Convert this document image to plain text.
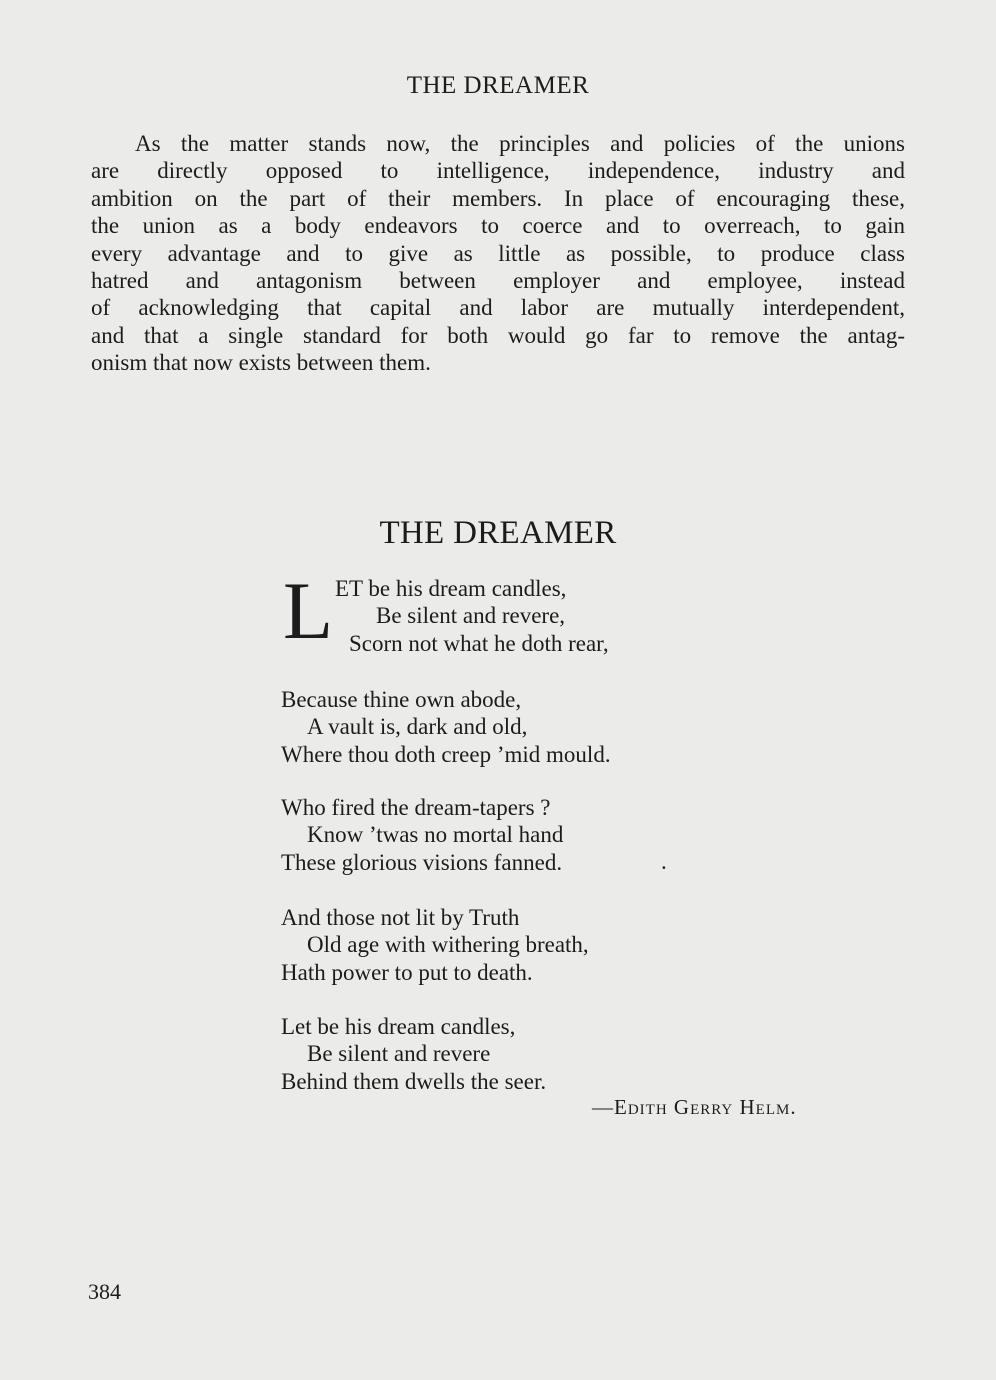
THE DREAMER
As the matter stands now, the principles and policies of the unions
are directly opposed to intelligence, independence, industry and
ambition on the part of their members. In place of encouraging these,
the union as a body endeavors to coerce and to overreach, to gain
every advantage and to give as little as possible, to produce class
hatred and antagonism between employer and employee, instead
of acknowledging that capital and labor are mutually interdependent,
and that a single standard for both would go far to remove the antag-
onism that now exists between them.
THE DREAMER
L ET be his dream candles,
Be silent and revere,
Scorn not what he doth rear,
Because thine own abode,
A vault is, dark and old,
Where thou doth creep ’mid mould.
Who fired the dream-tapers ?
Know ’twas no mortal hand
These glorious visions fanned.	.
And those not lit by Truth
Old age with withering breath,
Hath power to put to death.
Let be his dream candles,
Be silent and revere
Behind them dwells the seer.
—Edith Gerry Helm.
384
